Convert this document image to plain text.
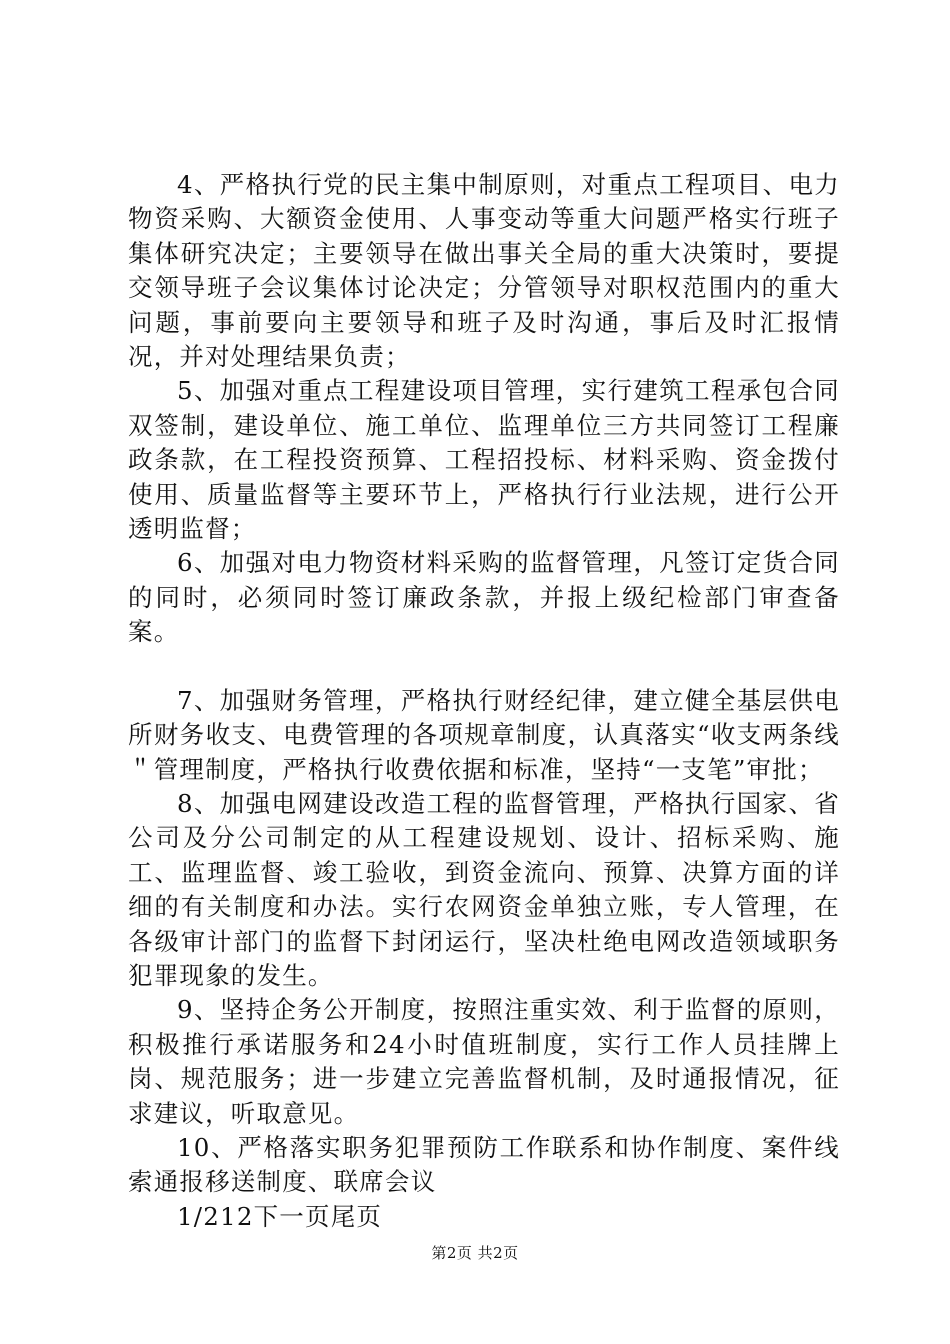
4、严格执行党的民主集中制原则，对重点工程项目、电力物资采购、大额资金使用、人事变动等重大问题严格实行班子集体研究决定；主要领导在做出事关全局的重大决策时，要提交领导班子会议集体讨论决定；分管领导对职权范围内的重大问题，事前要向主要领导和班子及时沟通，事后及时汇报情况，并对处理结果负责；

5、加强对重点工程建设项目管理，实行建筑工程承包合同双签制，建设单位、施工单位、监理单位三方共同签订工程廉政条款，在工程投资预算、工程招投标、材料采购、资金拨付使用、质量监督等主要环节上，严格执行行业法规，进行公开透明监督；

6、加强对电力物资材料采购的监督管理，凡签订定货合同的同时，必须同时签订廉政条款，并报上级纪检部门审查备案。

7、加强财务管理，严格执行财经纪律，建立健全基层供电所财务收支、电费管理的各项规章制度，认真落实“收支两条线＂管理制度，严格执行收费依据和标准，坚持“一支笔”审批；

8、加强电网建设改造工程的监督管理，严格执行国家、省公司及分公司制定的从工程建设规划、设计、招标采购、施工、监理监督、竣工验收，到资金流向、预算、决算方面的详细的有关制度和办法。实行农网资金单独立账，专人管理，在各级审计部门的监督下封闭运行，坚决杜绝电网改造领域职务犯罪现象的发生。

9、坚持企务公开制度，按照注重实效、利于监督的原则，积极推行承诺服务和24小时值班制度，实行工作人员挂牌上岗、规范服务；进一步建立完善监督机制，及时通报情况，征求建议，听取意见。

10、严格落实职务犯罪预防工作联系和协作制度、案件线索通报移送制度、联席会议

1/212下一页尾页

第2页 共2页
